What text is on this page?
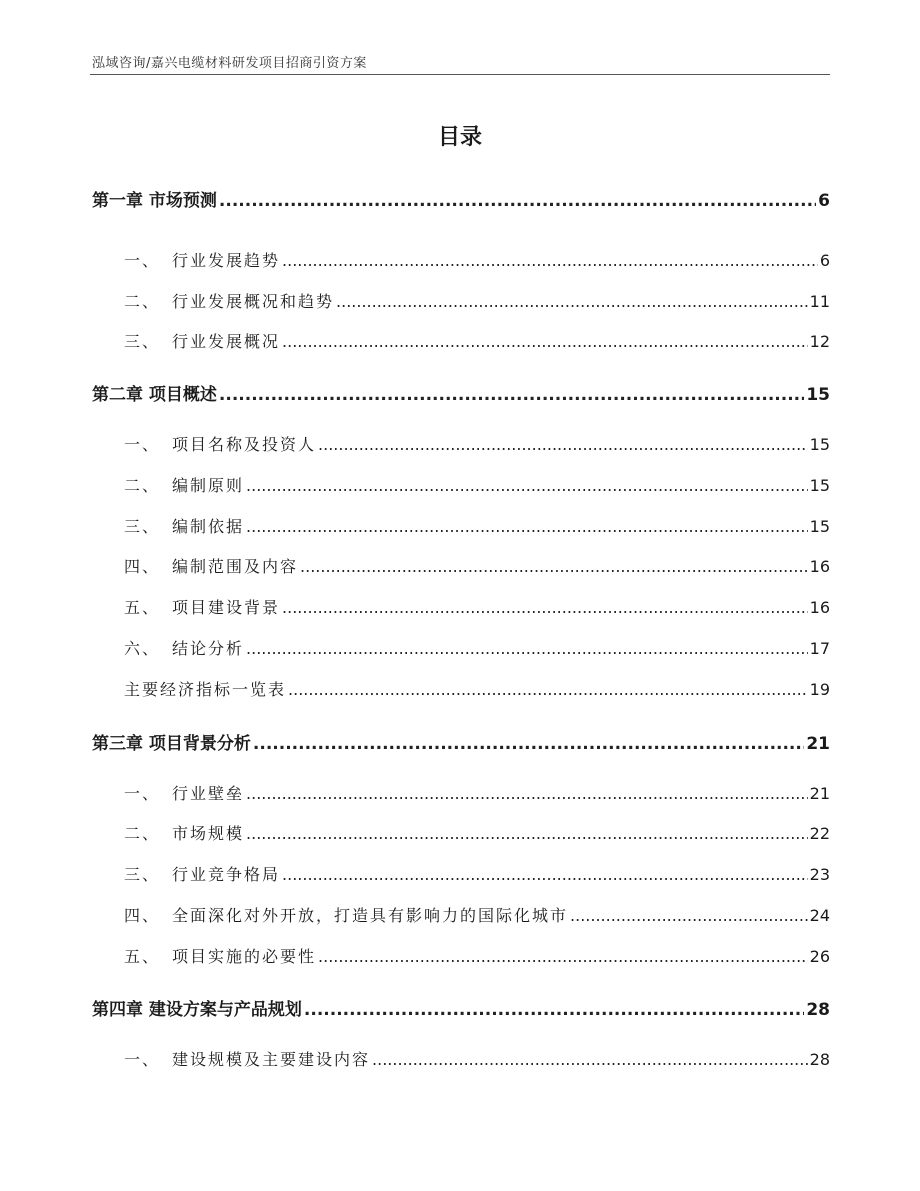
泓域咨询/嘉兴电缆材料研发项目招商引资方案
目录
第一章 市场预测 .....	6
一、 行业发展趋势 .....	6
二、 行业发展概况和趋势 .....	11
三、 行业发展概况 .....	12
第二章 项目概述 .....	15
一、 项目名称及投资人 .....	15
二、 编制原则 .....	15
三、 编制依据 .....	15
四、 编制范围及内容 .....	16
五、 项目建设背景 .....	16
六、 结论分析 .....	17
主要经济指标一览表 .....	19
第三章 项目背景分析 .....	21
一、 行业壁垒 .....	21
二、 市场规模 .....	22
三、 行业竞争格局 .....	23
四、 全面深化对外开放，打造具有影响力的国际化城市 .....	24
五、 项目实施的必要性 .....	26
第四章 建设方案与产品规划 .....	28
一、 建设规模及主要建设内容 .....	28
